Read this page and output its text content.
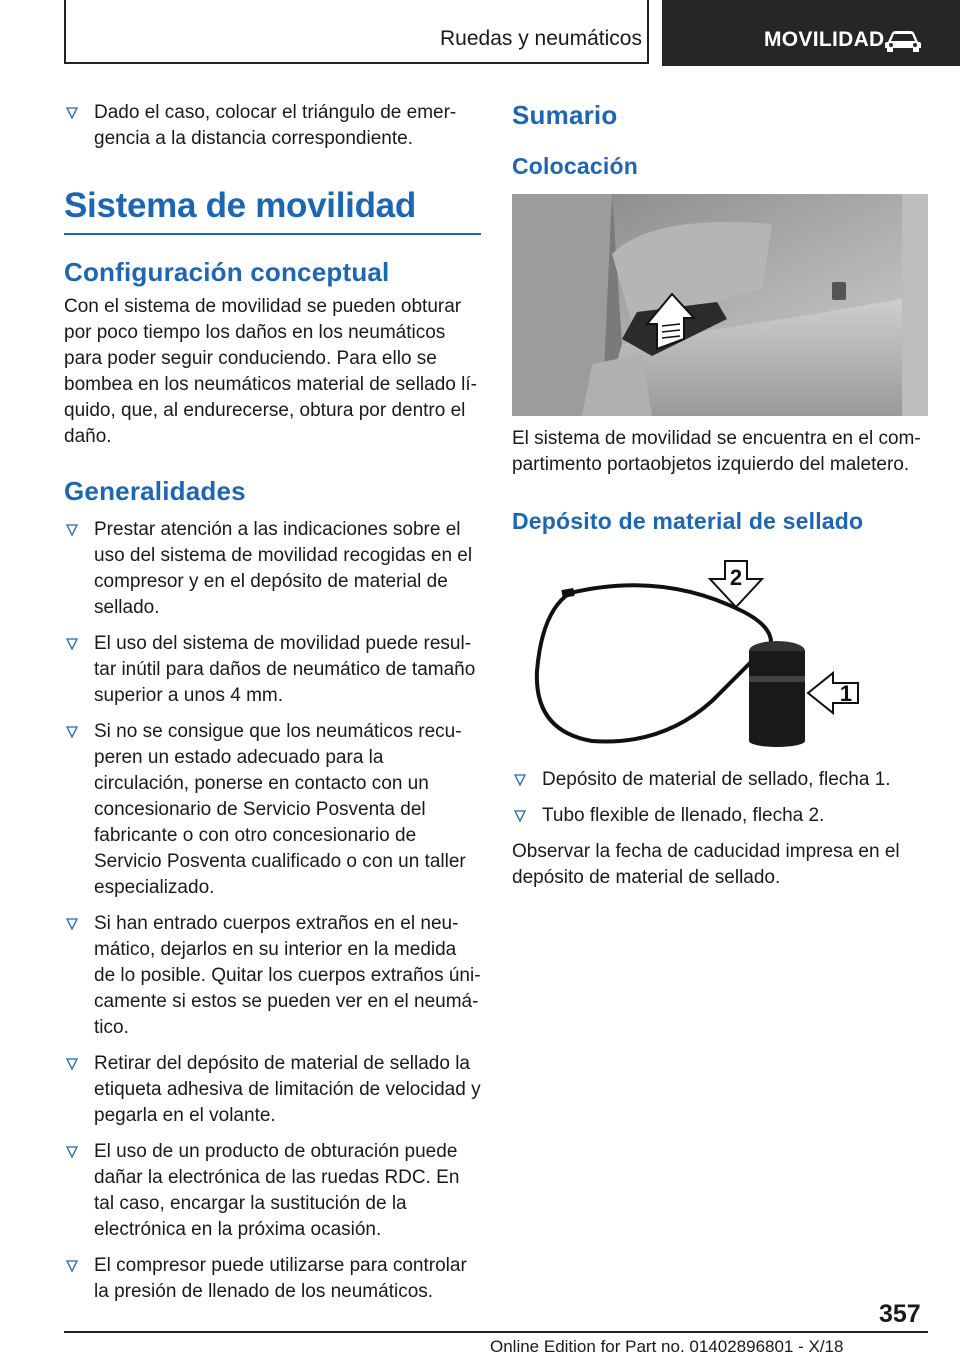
Ruedas y neumáticos	MOVILIDAD
Dado el caso, colocar el triángulo de emergencia a la distancia correspondiente.
Sistema de movilidad
Configuración conceptual

Con el sistema de movilidad se pueden obturar por poco tiempo los daños en los neumáticos para poder seguir conduciendo. Para ello se bombea en los neumáticos material de sellado líquido, que, al endurecerse, obtura por dentro el daño.

Generalidades
Prestar atención a las indicaciones sobre el uso del sistema de movilidad recogidas en el compresor y en el depósito de material de sellado.
El uso del sistema de movilidad puede resultar inútil para daños de neumático de tamaño superior a unos 4 mm.
Si no se consigue que los neumáticos recuperen un estado adecuado para la circulación, ponerse en contacto con un concesionario de Servicio Posventa del fabricante o con otro concesionario de Servicio Posventa cualificado o con un taller especializado.
Si han entrado cuerpos extraños en el neumático, dejarlos en su interior en la medida de lo posible. Quitar los cuerpos extraños únicamente si estos se pueden ver en el neumático.
Retirar del depósito de material de sellado la etiqueta adhesiva de limitación de velocidad y pegarla en el volante.
El uso de un producto de obturación puede dañar la electrónica de las ruedas RDC. En tal caso, encargar la sustitución de la electrónica en la próxima ocasión.
El compresor puede utilizarse para controlar la presión de llenado de los neumáticos.
Sumario
Colocación

El sistema de movilidad se encuentra en el compartimento portaobjetos izquierdo del maletero.

Depósito de material de sellado
2
1
Depósito de material de sellado, flecha 1.
Tubo flexible de llenado, flecha 2.

Observar la fecha de caducidad impresa en el depósito de material de sellado.

357
Online Edition for Part no. 01402896801 - X/18
